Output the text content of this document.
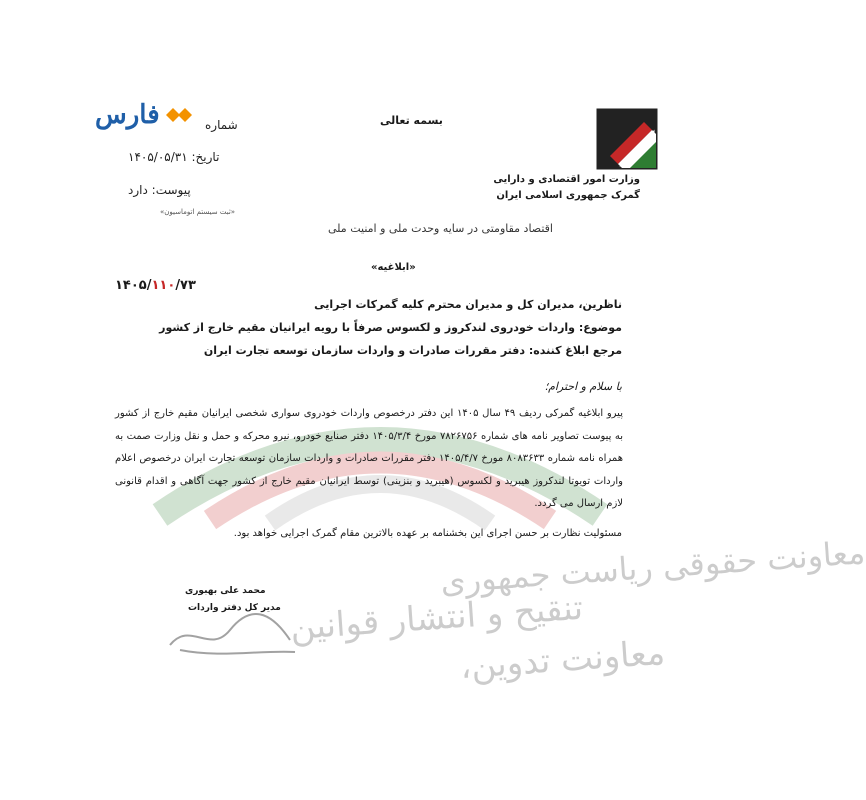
معاونت حقوقی ریاست جمهوری
تنقیح و انتشار قوانین
معاونت تدوین،
وزارت امور اقتصادی و دارایی
گمرک جمهوری اسلامی ایران
بسمه تعالی
فارس	شماره
تاریخ: ۱۴۰۵/۰۵/۳۱
پیوست: دارد
«ثبت سیستم اتوماسیون»
اقتصاد مقاومتی در سایه وحدت ملی و امنیت ملی
«ابلاغیه»
۱۴۰۵/۱۱۰/۷۳
ناظرین، مدیران کل و مدیران محترم کلیه گمرکات اجرایی
موضوع: واردات خودروی لندکروز و لکسوس صرفاً با رویه ایرانیان مقیم خارج از کشور
مرجع ابلاغ کننده: دفتر مقررات صادرات و واردات سازمان توسعه تجارت ایران
با سلام و احترام؛
پیرو ابلاغیه گمرکی ردیف ۴۹ سال ۱۴۰۵ این دفتر درخصوص واردات خودروی سواری شخصی ایرانیان مقیم خارج از کشور به پیوست تصاویر نامه های شماره ۷۸۲۶۷۵۶ مورخ ۱۴۰۵/۳/۴ دفتر صنایع خودرو، نیرو محرکه و حمل و نقل وزارت صمت به همراه نامه شماره ۸۰۸۳۶۳۳ مورخ ۱۴۰۵/۴/۷ دفتر مقررات صادرات و واردات سازمان توسعه تجارت ایران درخصوص اعلام واردات تویوتا لندکروز هیبرید و لکسوس (هیبرید و بنزینی) توسط ایرانیان مقیم خارج از کشور جهت آگاهی و اقدام قانونی لازم ارسال می گردد.
مسئولیت نظارت بر حسن اجرای این بخشنامه بر عهده بالاترین مقام گمرک اجرایی خواهد بود.
محمد علی بهبوری
مدیر کل دفتر واردات
